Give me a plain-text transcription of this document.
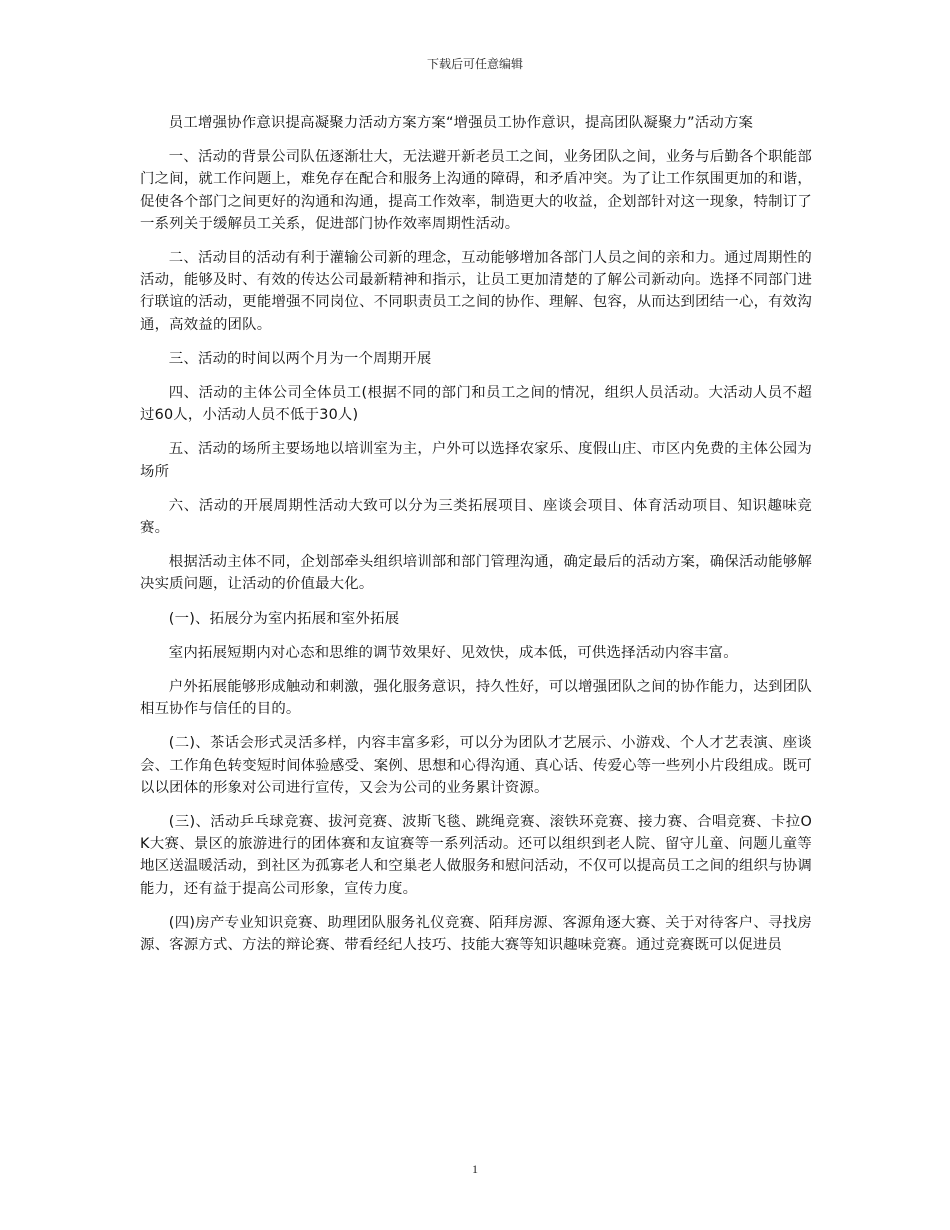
下载后可任意编辑

员工增强协作意识提高凝聚力活动方案方案“增强员工协作意识，提高团队凝聚力”活动方案

一、活动的背景公司队伍逐渐壮大，无法避开新老员工之间，业务团队之间，业务与后勤各个职能部门之间，就工作问题上，难免存在配合和服务上沟通的障碍，和矛盾冲突。为了让工作氛围更加的和谐，促使各个部门之间更好的沟通和沟通，提高工作效率，制造更大的收益，企划部针对这一现象，特制订了一系列关于缓解员工关系，促进部门协作效率周期性活动。

二、活动目的活动有利于灌输公司新的理念，互动能够增加各部门人员之间的亲和力。通过周期性的活动，能够及时、有效的传达公司最新精神和指示，让员工更加清楚的了解公司新动向。选择不同部门进行联谊的活动，更能增强不同岗位、不同职责员工之间的协作、理解、包容，从而达到团结一心，有效沟通，高效益的团队。

三、活动的时间以两个月为一个周期开展

四、活动的主体公司全体员工(根据不同的部门和员工之间的情况，组织人员活动。大活动人员不超过60人，小活动人员不低于30人)

五、活动的场所主要场地以培训室为主，户外可以选择农家乐、度假山庄、市区内免费的主体公园为场所

六、活动的开展周期性活动大致可以分为三类拓展项目、座谈会项目、体育活动项目、知识趣味竞赛。

根据活动主体不同，企划部牵头组织培训部和部门管理沟通，确定最后的活动方案，确保活动能够解决实质问题，让活动的价值最大化。

(一)、拓展分为室内拓展和室外拓展

室内拓展短期内对心态和思维的调节效果好、见效快，成本低，可供选择活动内容丰富。

户外拓展能够形成触动和刺激，强化服务意识，持久性好，可以增强团队之间的协作能力，达到团队相互协作与信任的目的。

(二)、茶话会形式灵活多样，内容丰富多彩，可以分为团队才艺展示、小游戏、个人才艺表演、座谈会、工作角色转变短时间体验感受、案例、思想和心得沟通、真心话、传爱心等一些列小片段组成。既可以以团体的形象对公司进行宣传，又会为公司的业务累计资源。

(三)、活动乒乓球竞赛、拔河竞赛、波斯飞毯、跳绳竞赛、滚铁环竞赛、接力赛、合唱竞赛、卡拉OK大赛、景区的旅游进行的团体赛和友谊赛等一系列活动。还可以组织到老人院、留守儿童、问题儿童等地区送温暖活动，到社区为孤寡老人和空巢老人做服务和慰问活动，不仅可以提高员工之间的组织与协调能力，还有益于提高公司形象，宣传力度。

(四)房产专业知识竞赛、助理团队服务礼仪竞赛、陌拜房源、客源角逐大赛、关于对待客户、寻找房源、客源方式、方法的辩论赛、带看经纪人技巧、技能大赛等知识趣味竞赛。通过竞赛既可以促进员

1
